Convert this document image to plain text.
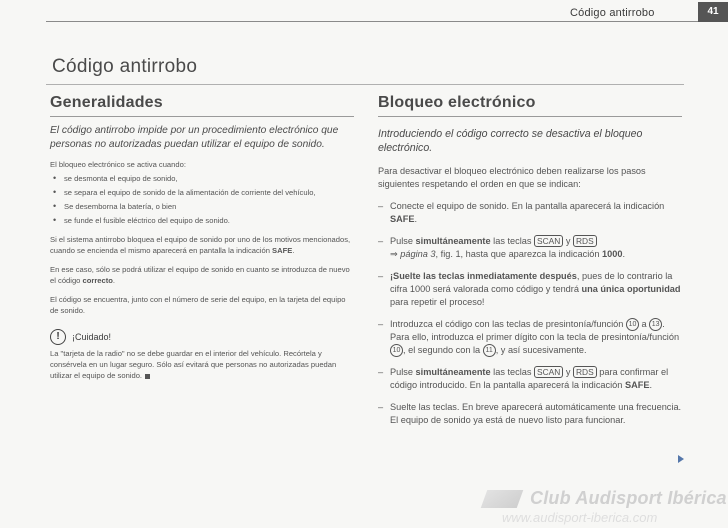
Código antirrobo	41
Código antirrobo
Generalidades

El código antirrobo impide por un procedimiento electrónico que personas no autorizadas puedan utilizar el equipo de sonido.

El bloqueo electrónico se activa cuando:

• se desmonta el equipo de sonido,
• se separa el equipo de sonido de la alimentación de corriente del vehículo,
• Se desemborna la batería, o bien
• se funde el fusible eléctrico del equipo de sonido.

Si el sistema antirrobo bloquea el equipo de sonido por uno de los motivos mencionados, cuando se encienda el mismo aparecerá en pantalla la indicación SAFE.

En ese caso, sólo se podrá utilizar el equipo de sonido en cuanto se introduzca de nuevo el código correcto.

El código se encuentra, junto con el número de serie del equipo, en la tarjeta del equipo de sonido.

!	¡Cuidado!

La "tarjeta de la radio" no se debe guardar en el interior del vehículo. Recórtela y consérvela en un lugar seguro. Sólo así evitará que personas no autorizadas puedan utilizar el equipo de sonido.

Bloqueo electrónico

Introduciendo el código correcto se desactiva el bloqueo electrónico.

Para desactivar el bloqueo electrónico deben realizarse los pasos siguientes respetando el orden en que se indican:

– Conecte el equipo de sonido. En la pantalla aparecerá la indicación SAFE.
– Pulse simultáneamente las teclas SCAN y RDS
⇒ página 3, fig. 1, hasta que aparezca la indicación 1000.
– ¡Suelte las teclas inmediatamente después, pues de lo contrario la cifra 1000 será valorada como código y tendrá una única oportunidad para repetir el proceso!
– Introduzca el código con las teclas de presintonía/función 10 a 13 . Para ello, introduzca el primer dígito con la tecla de presintonía/función 10 , el segundo con la 11 , y así sucesivamente.
– Pulse simultáneamente las teclas SCAN y RDS para confirmar el código introducido. En la pantalla aparecerá la indicación SAFE.
– Suelte las teclas. En breve aparecerá automáticamente una frecuencia. El equipo de sonido ya está de nuevo listo para funcionar.
Club Audisport Ibérica
www.audisport-iberica.com
